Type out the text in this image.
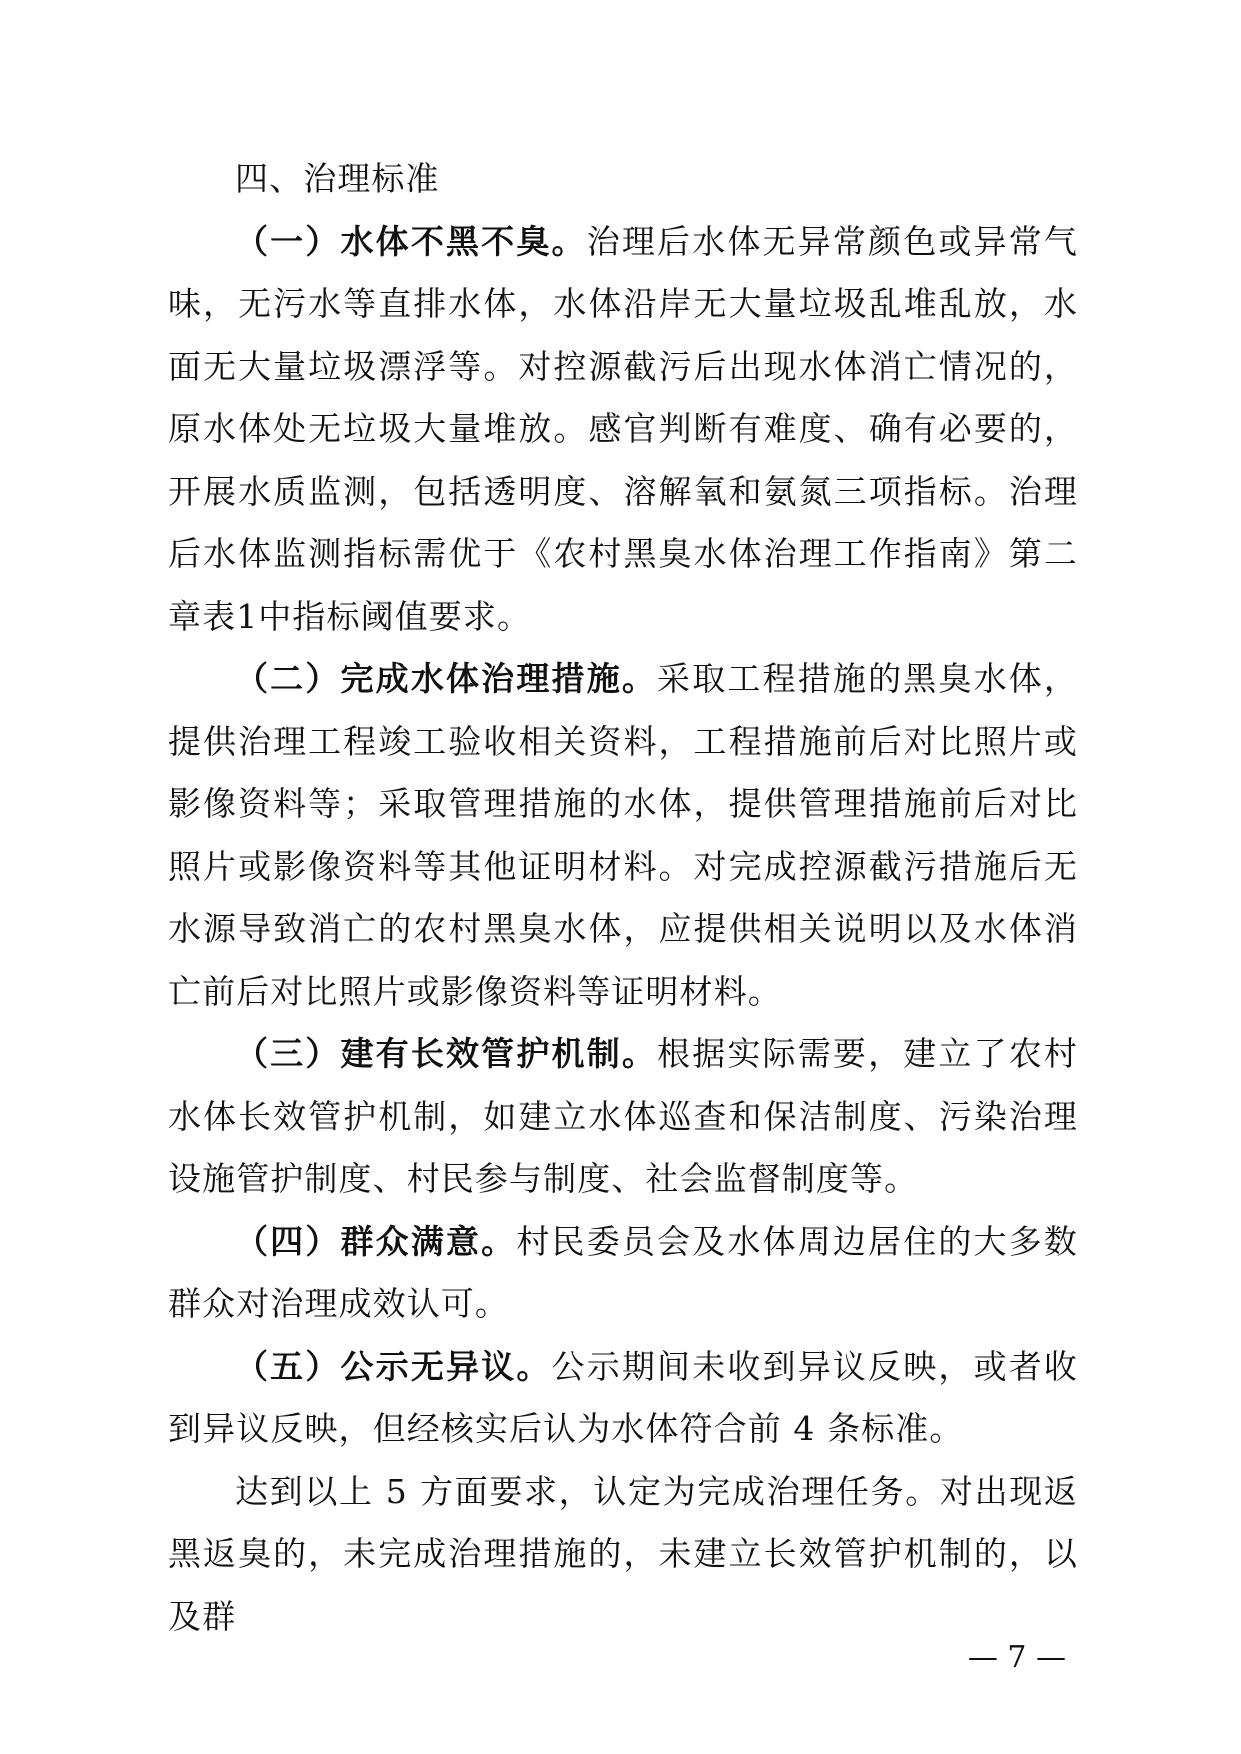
四、治理标准

（一）水体不黑不臭。治理后水体无异常颜色或异常气味，无污水等直排水体，水体沿岸无大量垃圾乱堆乱放，水面无大量垃圾漂浮等。对控源截污后出现水体消亡情况的，原水体处无垃圾大量堆放。感官判断有难度、确有必要的，开展水质监测，包括透明度、溶解氧和氨氮三项指标。治理后水体监测指标需优于《农村黑臭水体治理工作指南》第二章表1中指标阈值要求。

（二）完成水体治理措施。采取工程措施的黑臭水体，提供治理工程竣工验收相关资料，工程措施前后对比照片或影像资料等；采取管理措施的水体，提供管理措施前后对比照片或影像资料等其他证明材料。对完成控源截污措施后无水源导致消亡的农村黑臭水体，应提供相关说明以及水体消亡前后对比照片或影像资料等证明材料。

（三）建有长效管护机制。根据实际需要，建立了农村水体长效管护机制，如建立水体巡查和保洁制度、污染治理设施管护制度、村民参与制度、社会监督制度等。

（四）群众满意。村民委员会及水体周边居住的大多数群众对治理成效认可。

（五）公示无异议。公示期间未收到异议反映，或者收到异议反映，但经核实后认为水体符合前 4 条标准。

达到以上 5 方面要求，认定为完成治理任务。对出现返黑返臭的，未完成治理措施的，未建立长效管护机制的，以及群

— 7 —
